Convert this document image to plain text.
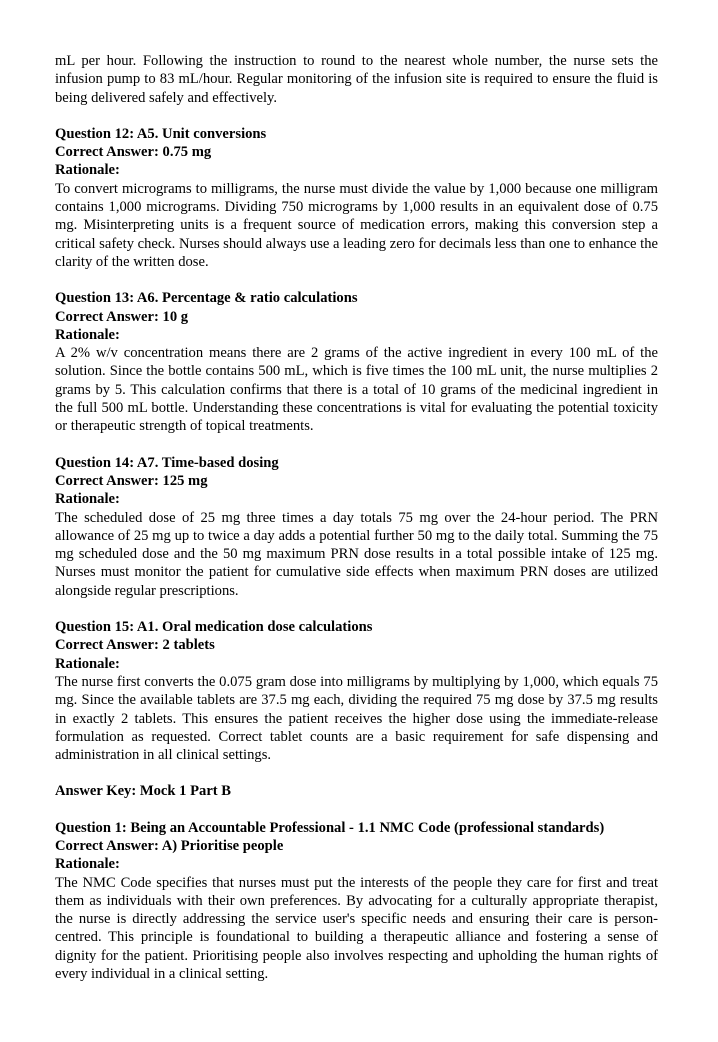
mL per hour. Following the instruction to round to the nearest whole number, the nurse sets the infusion pump to 83 mL/hour. Regular monitoring of the infusion site is required to ensure the fluid is being delivered safely and effectively.

Question 12: A5. Unit conversions

Correct Answer: 0.75 mg

Rationale:

To convert micrograms to milligrams, the nurse must divide the value by 1,000 because one milligram contains 1,000 micrograms. Dividing 750 micrograms by 1,000 results in an equivalent dose of 0.75 mg. Misinterpreting units is a frequent source of medication errors, making this conversion step a critical safety check. Nurses should always use a leading zero for decimals less than one to enhance the clarity of the written dose.

Question 13: A6. Percentage & ratio calculations

Correct Answer: 10 g

Rationale:

A 2% w/v concentration means there are 2 grams of the active ingredient in every 100 mL of the solution. Since the bottle contains 500 mL, which is five times the 100 mL unit, the nurse multiplies 2 grams by 5. This calculation confirms that there is a total of 10 grams of the medicinal ingredient in the full 500 mL bottle. Understanding these concentrations is vital for evaluating the potential toxicity or therapeutic strength of topical treatments.

Question 14: A7. Time-based dosing

Correct Answer: 125 mg

Rationale:

The scheduled dose of 25 mg three times a day totals 75 mg over the 24-hour period. The PRN allowance of 25 mg up to twice a day adds a potential further 50 mg to the daily total. Summing the 75 mg scheduled dose and the 50 mg maximum PRN dose results in a total possible intake of 125 mg. Nurses must monitor the patient for cumulative side effects when maximum PRN doses are utilized alongside regular prescriptions.

Question 15: A1. Oral medication dose calculations

Correct Answer: 2 tablets

Rationale:

The nurse first converts the 0.075 gram dose into milligrams by multiplying by 1,000, which equals 75 mg. Since the available tablets are 37.5 mg each, dividing the required 75 mg dose by 37.5 mg results in exactly 2 tablets. This ensures the patient receives the higher dose using the immediate-release formulation as requested. Correct tablet counts are a basic requirement for safe dispensing and administration in all clinical settings.

Answer Key: Mock 1 Part B

Question 1: Being an Accountable Professional - 1.1 NMC Code (professional standards)

Correct Answer: A) Prioritise people

Rationale:

The NMC Code specifies that nurses must put the interests of the people they care for first and treat them as individuals with their own preferences. By advocating for a culturally appropriate therapist, the nurse is directly addressing the service user's specific needs and ensuring their care is person-centred. This principle is foundational to building a therapeutic alliance and fostering a sense of dignity for the patient. Prioritising people also involves respecting and upholding the human rights of every individual in a clinical setting.
